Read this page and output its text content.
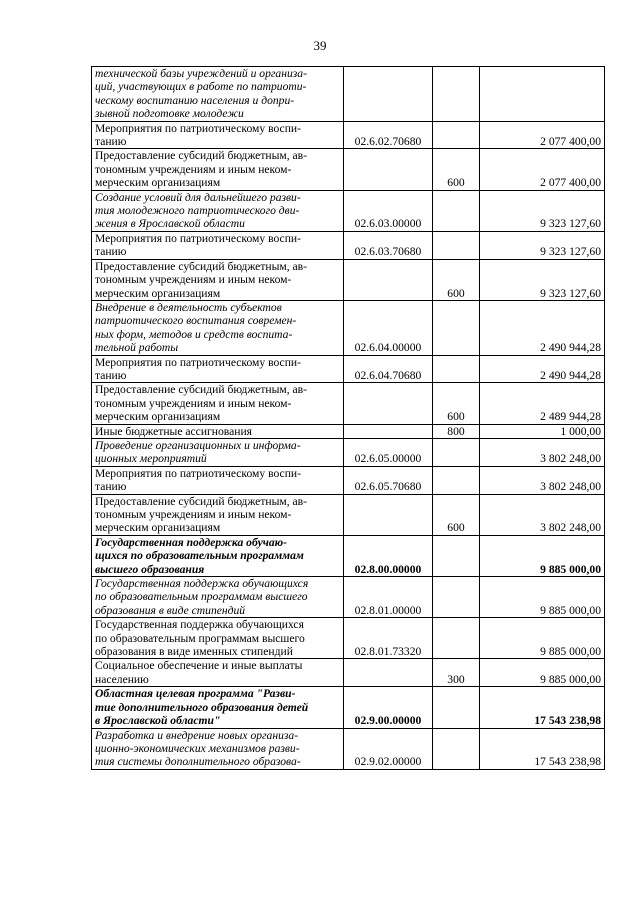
39
технической базы учреждений и организа-
ций, участвующих в работе по патриоти-
ческому воспитанию населения и допри-
зывной подготовке молодежи			
Мероприятия по патриотическому воспи-
танию	02.6.02.70680		2 077 400,00
Предоставление субсидий бюджетным, ав-
тономным учреждениям и иным неком-
мерческим организациям		600	2 077 400,00
Создание условий для дальнейшего разви-
тия молодежного патриотического дви-
жения в Ярославской области	02.6.03.00000		9 323 127,60
Мероприятия по патриотическому воспи-
танию	02.6.03.70680		9 323 127,60
Предоставление субсидий бюджетным, ав-
тономным учреждениям и иным неком-
мерческим организациям		600	9 323 127,60
Внедрение в деятельность субъектов
патриотического воспитания современ-
ных форм, методов и средств воспита-
тельной работы	02.6.04.00000		2 490 944,28
Мероприятия по патриотическому воспи-
танию	02.6.04.70680		2 490 944,28
Предоставление субсидий бюджетным, ав-
тономным учреждениям и иным неком-
мерческим организациям		600	2 489 944,28
Иные бюджетные ассигнования		800	1 000,00
Проведение организационных и информа-
ционных мероприятий	02.6.05.00000		3 802 248,00
Мероприятия по патриотическому воспи-
танию	02.6.05.70680		3 802 248,00
Предоставление субсидий бюджетным, ав-
тономным учреждениям и иным неком-
мерческим организациям		600	3 802 248,00
Государственная поддержка обучаю-
щихся по образовательным программам
высшего образования	02.8.00.00000		9 885 000,00
Государственная поддержка обучающихся
по образовательным программам высшего
образования в виде стипендий	02.8.01.00000		9 885 000,00
Государственная поддержка обучающихся
по образовательным программам высшего
образования в виде именных стипендий	02.8.01.73320		9 885 000,00
Социальное обеспечение и иные выплаты
населению		300	9 885 000,00
Областная целевая программа "Разви-
тие дополнительного образования детей
в Ярославской области"	02.9.00.00000		17 543 238,98
Разработка и внедрение новых организа-
ционно-экономических механизмов разви-
тия системы дополнительного образова-	02.9.02.00000		17 543 238,98
